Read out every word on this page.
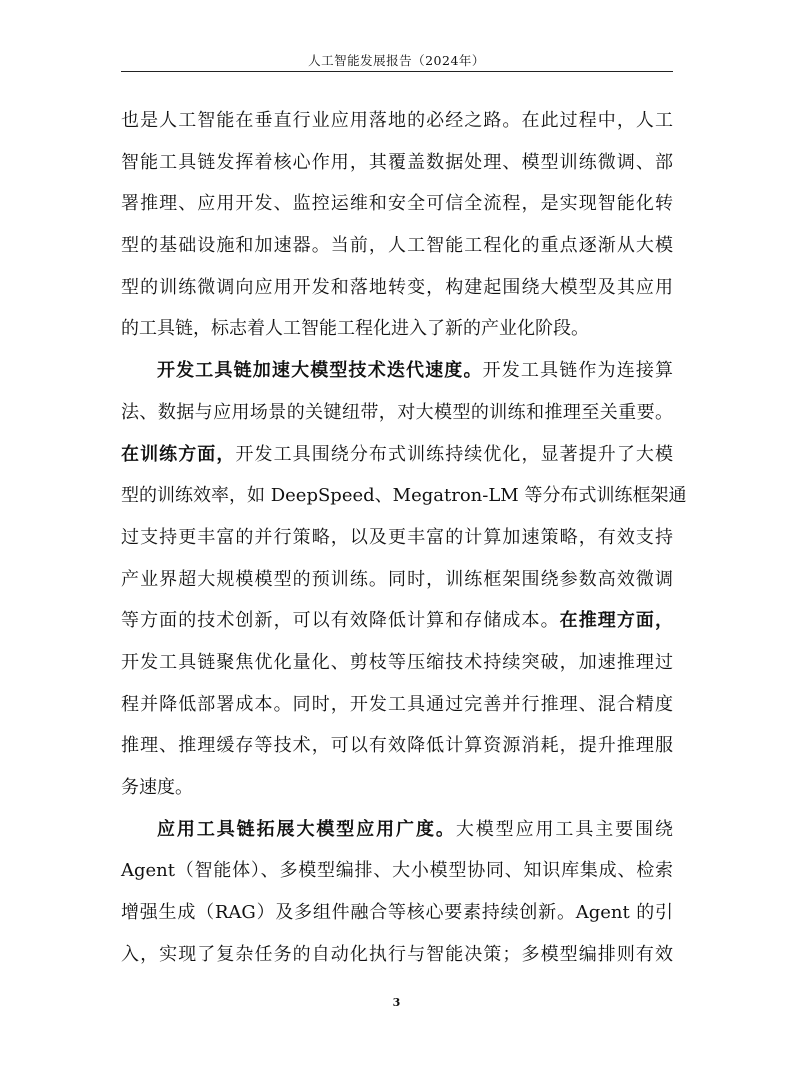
人工智能发展报告（2024年）
也是人工智能在垂直行业应用落地的必经之路。在此过程中，人工
智能工具链发挥着核心作用，其覆盖数据处理、模型训练微调、部
署推理、应用开发、监控运维和安全可信全流程，是实现智能化转
型的基础设施和加速器。当前，人工智能工程化的重点逐渐从大模
型的训练微调向应用开发和落地转变，构建起围绕大模型及其应用
的工具链，标志着人工智能工程化进入了新的产业化阶段。
开发工具链加速大模型技术迭代速度。开发工具链作为连接算
法、数据与应用场景的关键纽带，对大模型的训练和推理至关重要。
在训练方面，开发工具围绕分布式训练持续优化，显著提升了大模
型的训练效率，如 DeepSpeed、Megatron-LM 等分布式训练框架通
过支持更丰富的并行策略，以及更丰富的计算加速策略，有效支持
产业界超大规模模型的预训练。同时，训练框架围绕参数高效微调
等方面的技术创新，可以有效降低计算和存储成本。在推理方面，
开发工具链聚焦优化量化、剪枝等压缩技术持续突破，加速推理过
程并降低部署成本。同时，开发工具通过完善并行推理、混合精度
推理、推理缓存等技术，可以有效降低计算资源消耗，提升推理服
务速度。
应用工具链拓展大模型应用广度。大模型应用工具主要围绕
Agent（智能体）、多模型编排、大小模型协同、知识库集成、检索
增强生成（RAG）及多组件融合等核心要素持续创新。Agent 的引
入，实现了复杂任务的自动化执行与智能决策；多模型编排则有效
3
